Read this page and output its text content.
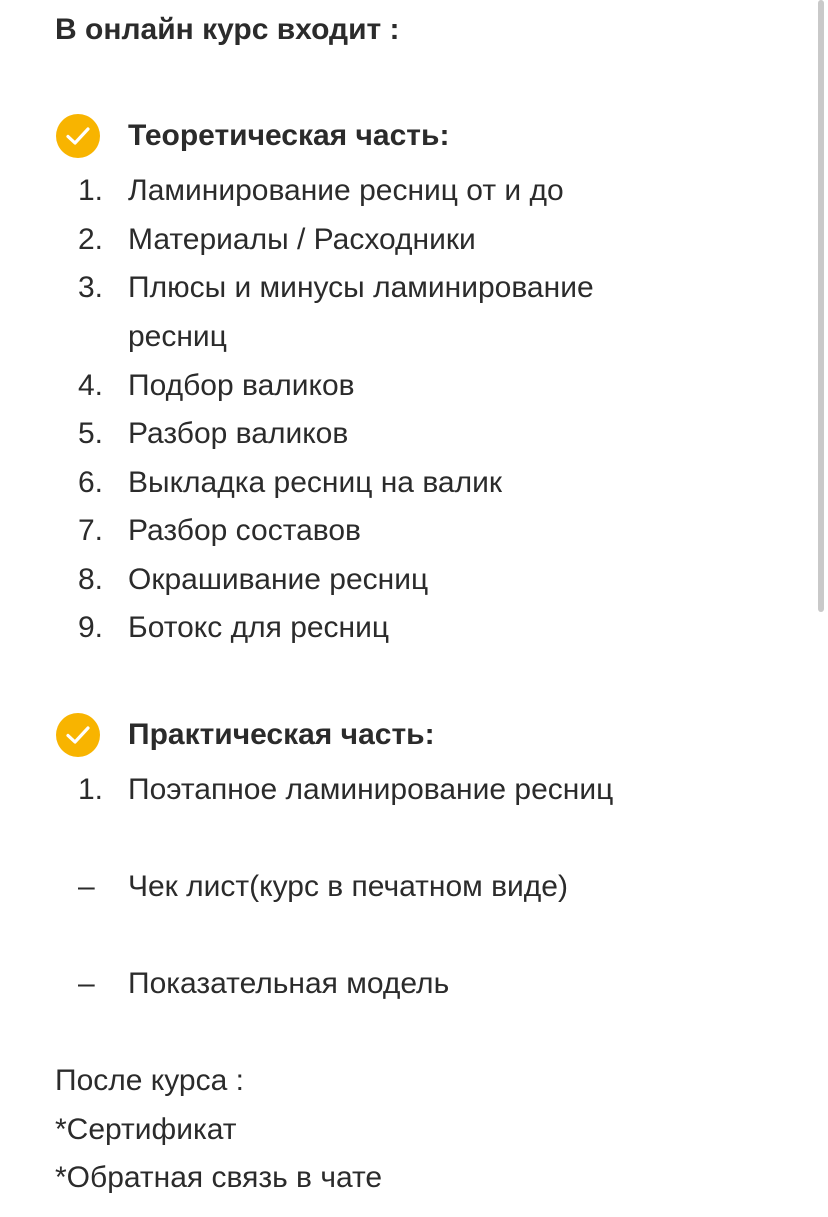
В онлайн курс входит :
Теоретическая часть:
1. Ламинирование ресниц от и до
2. Материалы / Расходники
3. Плюсы и минусы ламинирование
ресниц
4. Подбор валиков
5. Разбор валиков
6. Выкладка ресниц на валик
7. Разбор составов
8. Окрашивание ресниц
9. Ботокс для ресниц
Практическая часть:
1. Поэтапное ламинирование ресниц
–	Чек лист(курс в печатном виде)
–	Показательная модель
После курса :
*Сертификат
*Обратная связь в чате
